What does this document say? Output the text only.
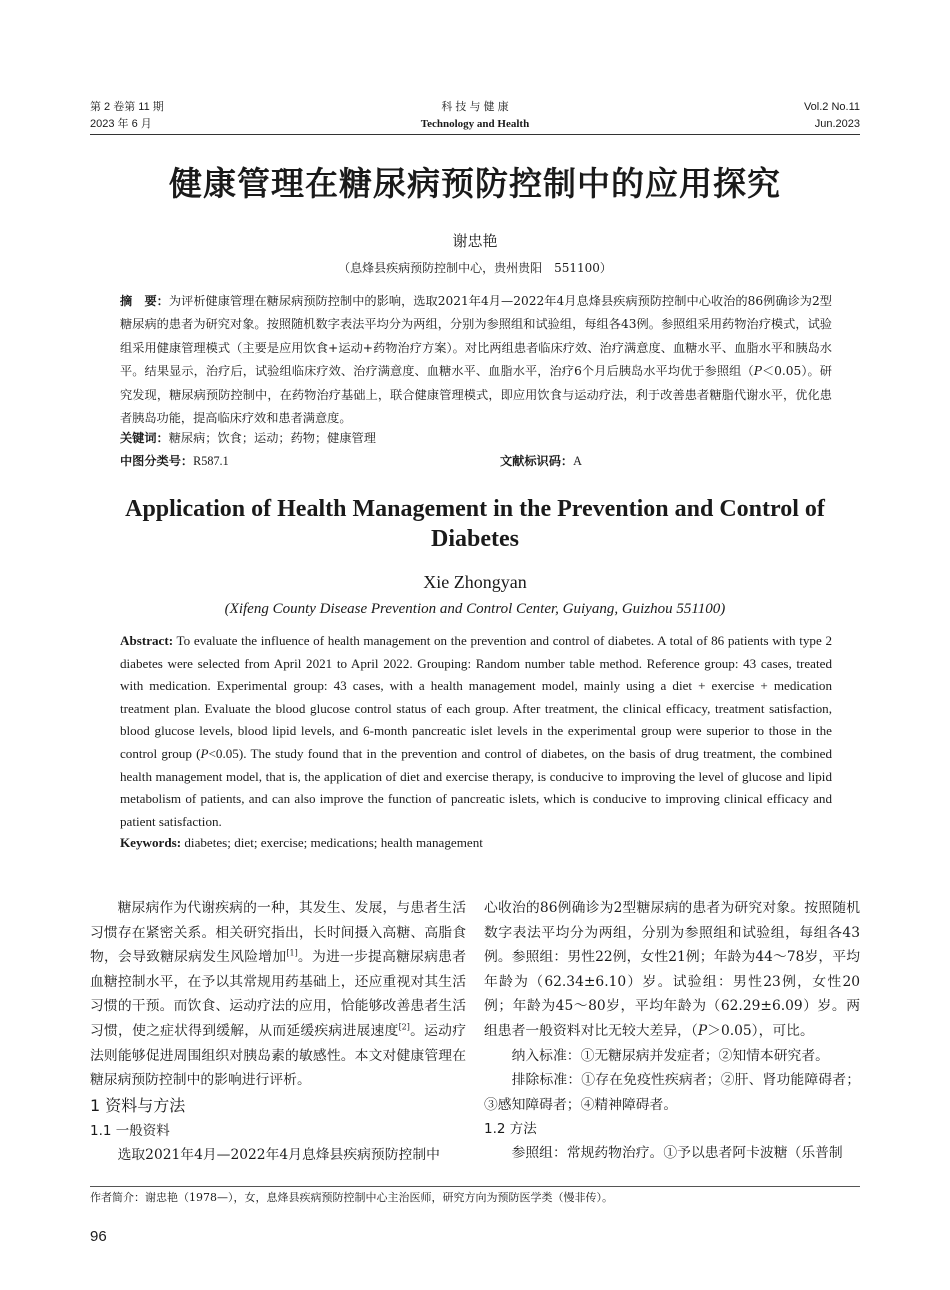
第 2 卷第 11 期
2023 年 6 月
科 技 与 健 康
Technology and Health
Vol.2 No.11
Jun.2023
健康管理在糖尿病预防控制中的应用探究
谢忠艳
（息烽县疾病预防控制中心，贵州贵阳　551100）
摘　要：为评析健康管理在糖尿病预防控制中的影响，选取2021年4月—2022年4月息烽县疾病预防控制中心收治的86例确诊为2型糖尿病的患者为研究对象。按照随机数字表法平均分为两组，分别为参照组和试验组，每组各43例。参照组采用药物治疗模式，试验组采用健康管理模式（主要是应用饮食+运动+药物治疗方案）。对比两组患者临床疗效、治疗满意度、血糖水平、血脂水平和胰岛水平。结果显示，治疗后，试验组临床疗效、治疗满意度、血糖水平、血脂水平，治疗6个月后胰岛水平均优于参照组（P＜0.05）。研究发现，糖尿病预防控制中，在药物治疗基础上，联合健康管理模式，即应用饮食与运动疗法，利于改善患者糖脂代谢水平，优化患者胰岛功能，提高临床疗效和患者满意度。
关键词：糖尿病；饮食；运动；药物；健康管理
中图分类号：R587.1	文献标识码：A
Application of Health Management in the Prevention and Control of Diabetes
Xie Zhongyan
(Xifeng County Disease Prevention and Control Center, Guiyang, Guizhou 551100)
Abstract: To evaluate the influence of health management on the prevention and control of diabetes. A total of 86 patients with type 2 diabetes were selected from April 2021 to April 2022. Grouping: Random number table method. Reference group: 43 cases, treated with medication. Experimental group: 43 cases, with a health management model, mainly using a diet + exercise + medication treatment plan. Evaluate the blood glucose control status of each group. After treatment, the clinical efficacy, treatment satisfaction, blood glucose levels, blood lipid levels, and 6-month pancreatic islet levels in the experimental group were superior to those in the control group (P<0.05). The study found that in the prevention and control of diabetes, on the basis of drug treatment, the combined health management model, that is, the application of diet and exercise therapy, is conducive to improving the level of glucose and lipid metabolism of patients, and can also improve the function of pancreatic islets, which is conducive to improving clinical efficacy and patient satisfaction.
Keywords: diabetes; diet; exercise; medications; health management

糖尿病作为代谢疾病的一种，其发生、发展，与患者生活习惯存在紧密关系。相关研究指出，长时间摄入高糖、高脂食物，会导致糖尿病发生风险增加[1]。为进一步提高糖尿病患者血糖控制水平，在予以其常规用药基础上，还应重视对其生活习惯的干预。而饮食、运动疗法的应用，恰能够改善患者生活习惯，使之症状得到缓解，从而延缓疾病进展速度[2]。运动疗法则能够促进周围组织对胰岛素的敏感性。本文对健康管理在糖尿病预防控制中的影响进行评析。

1 资料与方法

1.1 一般资料

选取2021年4月—2022年4月息烽县疾病预防控制中

心收治的86例确诊为2型糖尿病的患者为研究对象。按照随机数字表法平均分为两组，分别为参照组和试验组，每组各43例。参照组：男性22例，女性21例；年龄为44～78岁，平均年龄为（62.34±6.10）岁。试验组：男性23例，女性20例；年龄为45～80岁，平均年龄为（62.29±6.09）岁。两组患者一般资料对比无较大差异，（P＞0.05），可比。

纳入标准：①无糖尿病并发症者；②知情本研究者。

排除标准：①存在免疫性疾病者；②肝、肾功能障碍者；③感知障碍者；④精神障碍者。

1.2 方法

参照组：常规药物治疗。①予以患者阿卡波糖（乐普制

作者简介：谢忠艳（1978—），女，息烽县疾病预防控制中心主治医师，研究方向为预防医学类（慢非传）。
96
